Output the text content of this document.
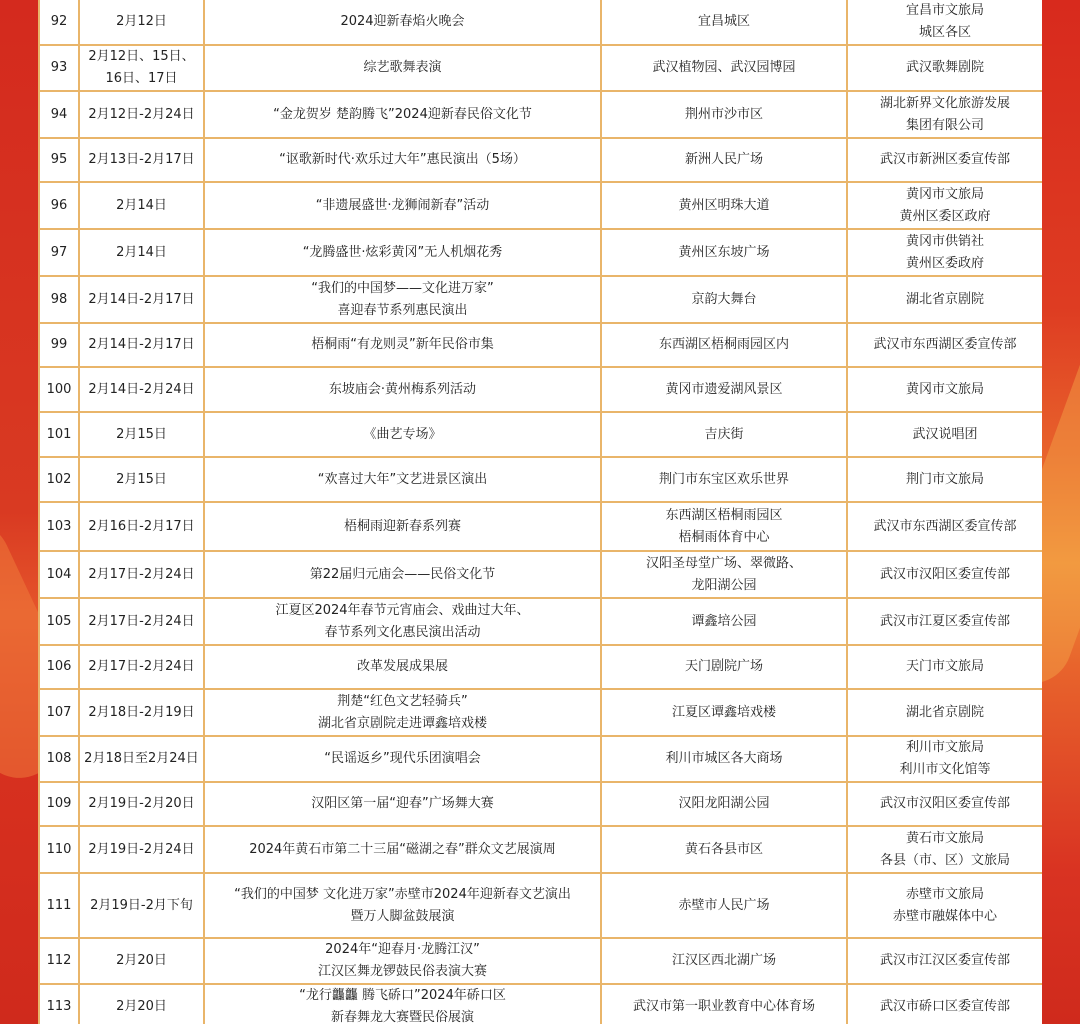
92	2月12日	2024迎新春焰火晚会	宜昌城区	宜昌市文旅局
城区各区
93	2月12日、15日、
16日、17日	综艺歌舞表演	武汉植物园、武汉园博园	武汉歌舞剧院
94	2月12日-2月24日	“金龙贺岁 楚韵腾飞”2024迎新春民俗文化节	荆州市沙市区	湖北新界文化旅游发展
集团有限公司
95	2月13日-2月17日	“讴歌新时代·欢乐过大年”惠民演出（5场）	新洲人民广场	武汉市新洲区委宣传部
96	2月14日	“非遗展盛世·龙狮闹新春”活动	黄州区明珠大道	黄冈市文旅局
黄州区委区政府
97	2月14日	“龙腾盛世·炫彩黄冈”无人机烟花秀	黄州区东坡广场	黄冈市供销社
黄州区委政府
98	2月14日-2月17日	“我们的中国梦——文化进万家”
喜迎春节系列惠民演出	京韵大舞台	湖北省京剧院
99	2月14日-2月17日	梧桐雨“有龙则灵”新年民俗市集	东西湖区梧桐雨园区内	武汉市东西湖区委宣传部
100	2月14日-2月24日	东坡庙会·黄州梅系列活动	黄冈市遗爱湖风景区	黄冈市文旅局
101	2月15日	《曲艺专场》	吉庆街	武汉说唱团
102	2月15日	“欢喜过大年”文艺进景区演出	荆门市东宝区欢乐世界	荆门市文旅局
103	2月16日-2月17日	梧桐雨迎新春系列赛	东西湖区梧桐雨园区
梧桐雨体育中心	武汉市东西湖区委宣传部
104	2月17日-2月24日	第22届归元庙会——民俗文化节	汉阳圣母堂广场、翠微路、
龙阳湖公园	武汉市汉阳区委宣传部
105	2月17日-2月24日	江夏区2024年春节元宵庙会、戏曲过大年、
春节系列文化惠民演出活动	谭鑫培公园	武汉市江夏区委宣传部
106	2月17日-2月24日	改革发展成果展	天门剧院广场	天门市文旅局
107	2月18日-2月19日	荆楚“红色文艺轻骑兵”
湖北省京剧院走进谭鑫培戏楼	江夏区谭鑫培戏楼	湖北省京剧院
108	2月18日至2月24日	“民谣返乡”现代乐团演唱会	利川市城区各大商场	利川市文旅局
利川市文化馆等
109	2月19日-2月20日	汉阳区第一届“迎春”广场舞大赛	汉阳龙阳湖公园	武汉市汉阳区委宣传部
110	2月19日-2月24日	2024年黄石市第二十三届“磁湖之春”群众文艺展演周	黄石各县市区	黄石市文旅局
各县（市、区）文旅局
111	2月19日-2月下旬	“我们的中国梦 文化进万家”赤壁市2024年迎新春文艺演出
暨万人脚盆鼓展演	赤壁市人民广场	赤壁市文旅局
赤壁市融媒体中心
112	2月20日	2024年“迎春月·龙腾江汉”
江汉区舞龙锣鼓民俗表演大赛	江汉区西北湖广场	武汉市江汉区委宣传部
113	2月20日	“龙行龘龘 腾飞硚口”2024年硚口区
新春舞龙大赛暨民俗展演	武汉市第一职业教育中心体育场	武汉市硚口区委宣传部
